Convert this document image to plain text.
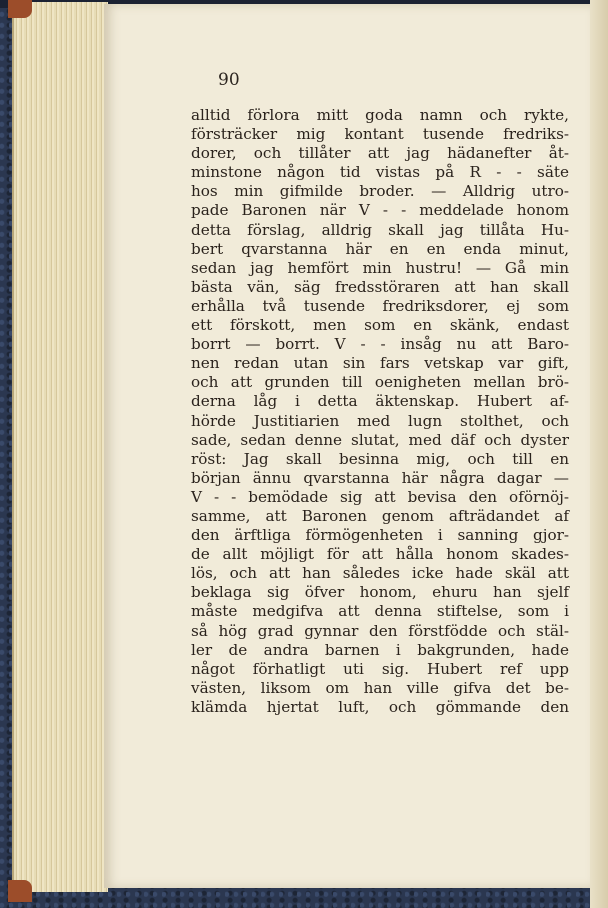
90
alltid förlora mitt goda namn och rykte,
försträcker mig kontant tusende fredriks-
dorer, och tillåter att jag hädanefter åt-
minstone någon tid vistas på R - - säte
hos min gifmilde broder. — Alldrig utro-
pade Baronen när V - - meddelade honom
detta förslag, alldrig skall jag tillåta Hu-
bert qvarstanna här en en enda minut,
sedan jag hemfört min hustru! — Gå min
bästa vän, säg fredsstöraren att han skall
erhålla två tusende fredriksdorer, ej som
ett förskott, men som en skänk, endast
borrt — borrt. V - - insåg nu att Baro-
nen redan utan sin fars vetskap var gift,
och att grunden till oenigheten mellan brö-
derna låg i detta äktenskap. Hubert af-
hörde Justitiarien med lugn stolthet, och
sade, sedan denne slutat, med däf och dyster
röst: Jag skall besinna mig, och till en
början ännu qvarstanna här några dagar —
V - - bemödade sig att bevisa den oförnöj-
samme, att Baronen genom afträdandet af
den ärftliga förmögenheten i sanning gjor-
de allt möjligt för att hålla honom skades-
lös, och att han således icke hade skäl att
beklaga sig öfver honom, ehuru han sjelf
måste medgifva att denna stiftelse, som i
så hög grad gynnar den förstfödde och stäl-
ler de andra barnen i bakgrunden, hade
något förhatligt uti sig. Hubert ref upp
västen, liksom om han ville gifva det be-
klämda hjertat luft, och gömmande den
